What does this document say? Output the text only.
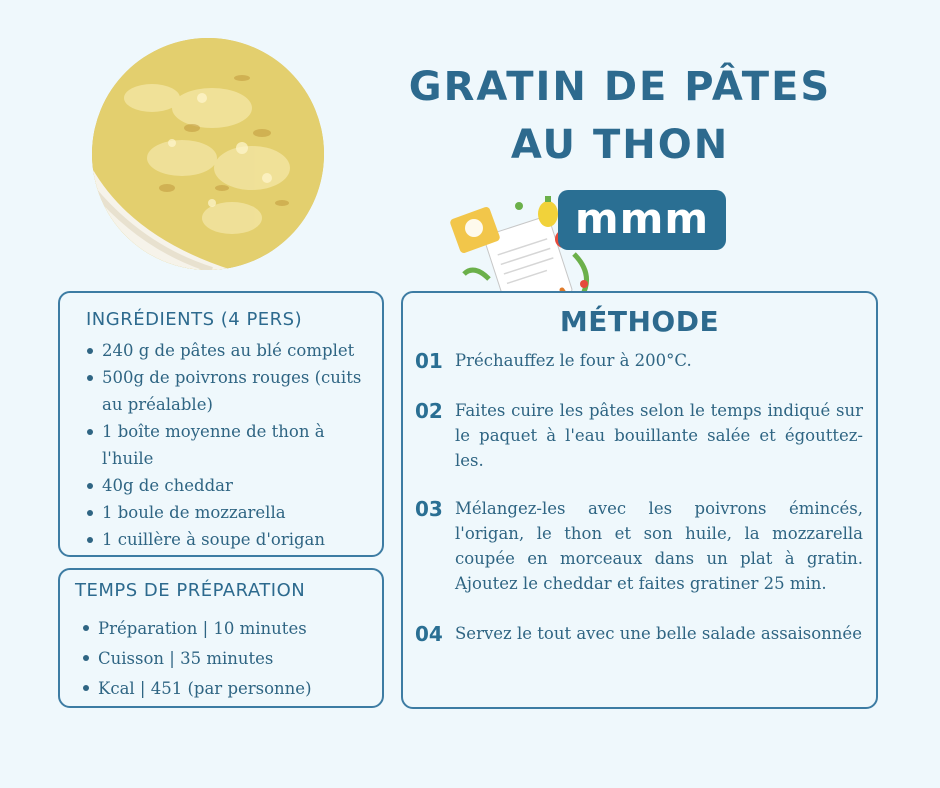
GRATIN DE PÂTES
AU THON
mmm
INGRÉDIENTS (4 PERS)
240 g de pâtes au blé complet
500g de poivrons rouges (cuits au préalable)
1 boîte moyenne de thon à l'huile
40g de cheddar
1 boule de mozzarella
1 cuillère à soupe d'origan
TEMPS DE PRÉPARATION
Préparation | 10 minutes
Cuisson | 35 minutes
Kcal | 451 (par personne)
MÉTHODE
01 Préchauffez le four à 200°C.
02 Faites cuire les pâtes selon le temps indiqué sur le paquet à l'eau bouillante salée et égouttez-les.
03 Mélangez-les avec les poivrons émincés, l'origan, le thon et son huile, la mozzarella coupée en morceaux dans un plat à gratin. Ajoutez le cheddar et faites gratiner 25 min.
04 Servez le tout avec une belle salade assaisonnée
